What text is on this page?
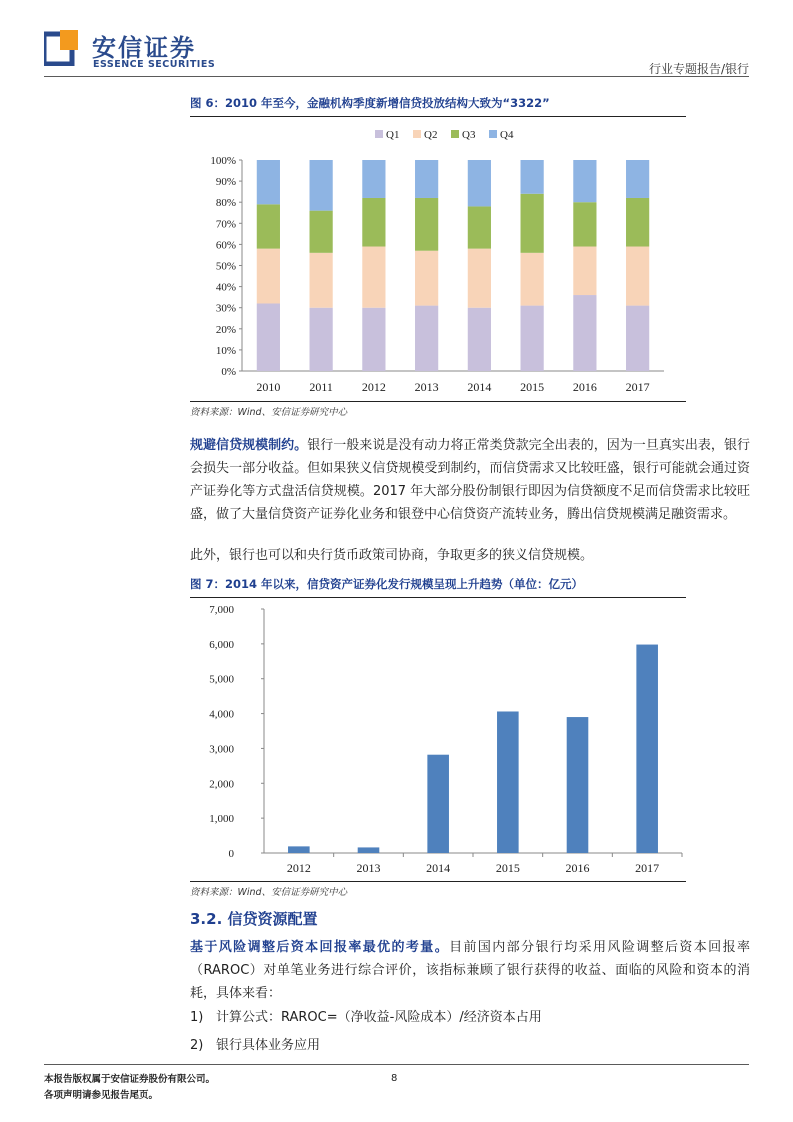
安信证券
ESSENCE SECURITIES	行业专题报告/银行
图 6：2010 年至今，金融机构季度新增信贷投放结构大致为“3322”
Q1 Q2 Q3 Q4
0%
10%
20%
30%
40%
50%
60%
70%
80%
90%
100%
2010 2011 2012 2013 2014 2015 2016 2017
资料来源：Wind、安信证券研究中心
规避信贷规模制约。银行一般来说是没有动力将正常类贷款完全出表的，因为一旦真实出表，银行会损失一部分收益。但如果狭义信贷规模受到制约，而信贷需求又比较旺盛，银行可能就会通过资产证券化等方式盘活信贷规模。2017 年大部分股份制银行即因为信贷额度不足而信贷需求比较旺盛，做了大量信贷资产证券化业务和银登中心信贷资产流转业务，腾出信贷规模满足融资需求。
此外，银行也可以和央行货币政策司协商，争取更多的狭义信贷规模。
图 7：2014 年以来，信贷资产证券化发行规模呈现上升趋势（单位：亿元）
0
1,000
2,000
3,000
4,000
5,000
6,000
7,000
2012	2013	2014	2015	2016	2017
资料来源：Wind、安信证券研究中心
3.2. 信贷资源配置
基于风险调整后资本回报率最优的考量。目前国内部分银行均采用风险调整后资本回报率（RAROC）对单笔业务进行综合评价，该指标兼顾了银行获得的收益、面临的风险和资本的消耗，具体来看：
1) 计算公式：RAROC=（净收益-风险成本）/经济资本占用
2) 银行具体业务应用
本报告版权属于安信证券股份有限公司。
各项声明请参见报告尾页。
8
